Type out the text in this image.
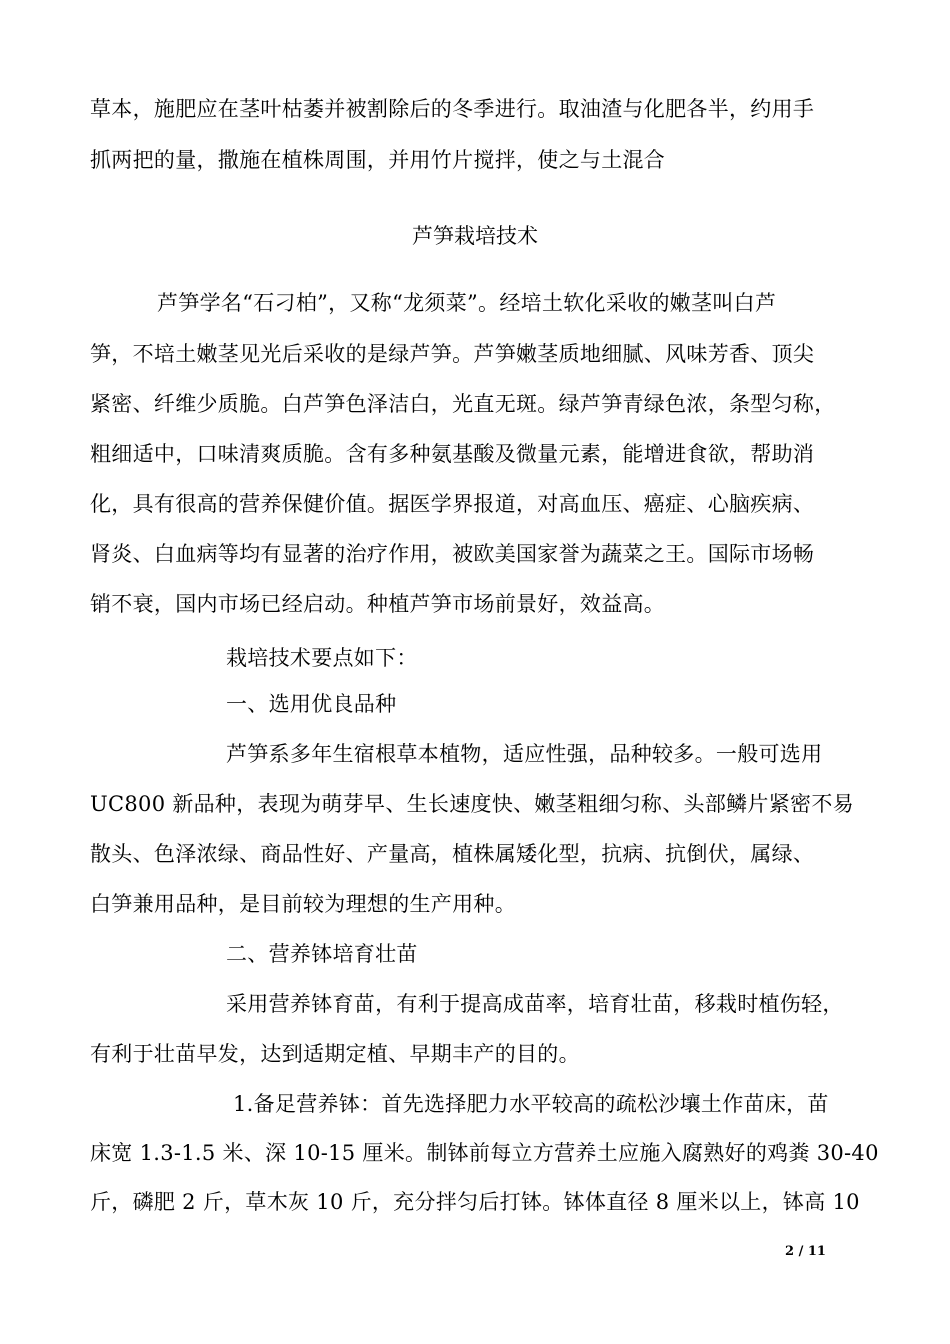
草本，施肥应在茎叶枯萎并被割除后的冬季进行。取油渣与化肥各半，约用手
抓两把的量，撒施在植株周围，并用竹片搅拌，使之与土混合
芦笋栽培技术
芦笋学名“石刁柏”，又称“龙须菜”。经培土软化采收的嫩茎叫白芦
笋，不培土嫩茎见光后采收的是绿芦笋。芦笋嫩茎质地细腻、风味芳香、顶尖
紧密、纤维少质脆。白芦笋色泽洁白，光直无斑。绿芦笋青绿色浓，条型匀称，
粗细适中，口味清爽质脆。含有多种氨基酸及微量元素，能增进食欲，帮助消
化，具有很高的营养保健价值。据医学界报道，对高血压、癌症、心脑疾病、
肾炎、白血病等均有显著的治疗作用，被欧美国家誉为蔬菜之王。国际市场畅
销不衰，国内市场已经启动。种植芦笋市场前景好，效益高。
栽培技术要点如下：
一、选用优良品种
芦笋系多年生宿根草本植物，适应性强，品种较多。一般可选用
UC800 新品种，表现为萌芽早、生长速度快、嫩茎粗细匀称、头部鳞片紧密不易
散头、色泽浓绿、商品性好、产量高，植株属矮化型，抗病、抗倒伏，属绿、
白笋兼用品种，是目前较为理想的生产用种。
二、营养钵培育壮苗
采用营养钵育苗，有利于提高成苗率，培育壮苗，移栽时植伤轻，
有利于壮苗早发，达到适期定植、早期丰产的目的。
1.备足营养钵：首先选择肥力水平较高的疏松沙壤土作苗床，苗
床宽 1.3-1.5 米、深 10-15 厘米。制钵前每立方营养土应施入腐熟好的鸡粪 30-40
斤，磷肥 2 斤，草木灰 10 斤，充分拌匀后打钵。钵体直径 8 厘米以上，钵高 10
2 / 11
